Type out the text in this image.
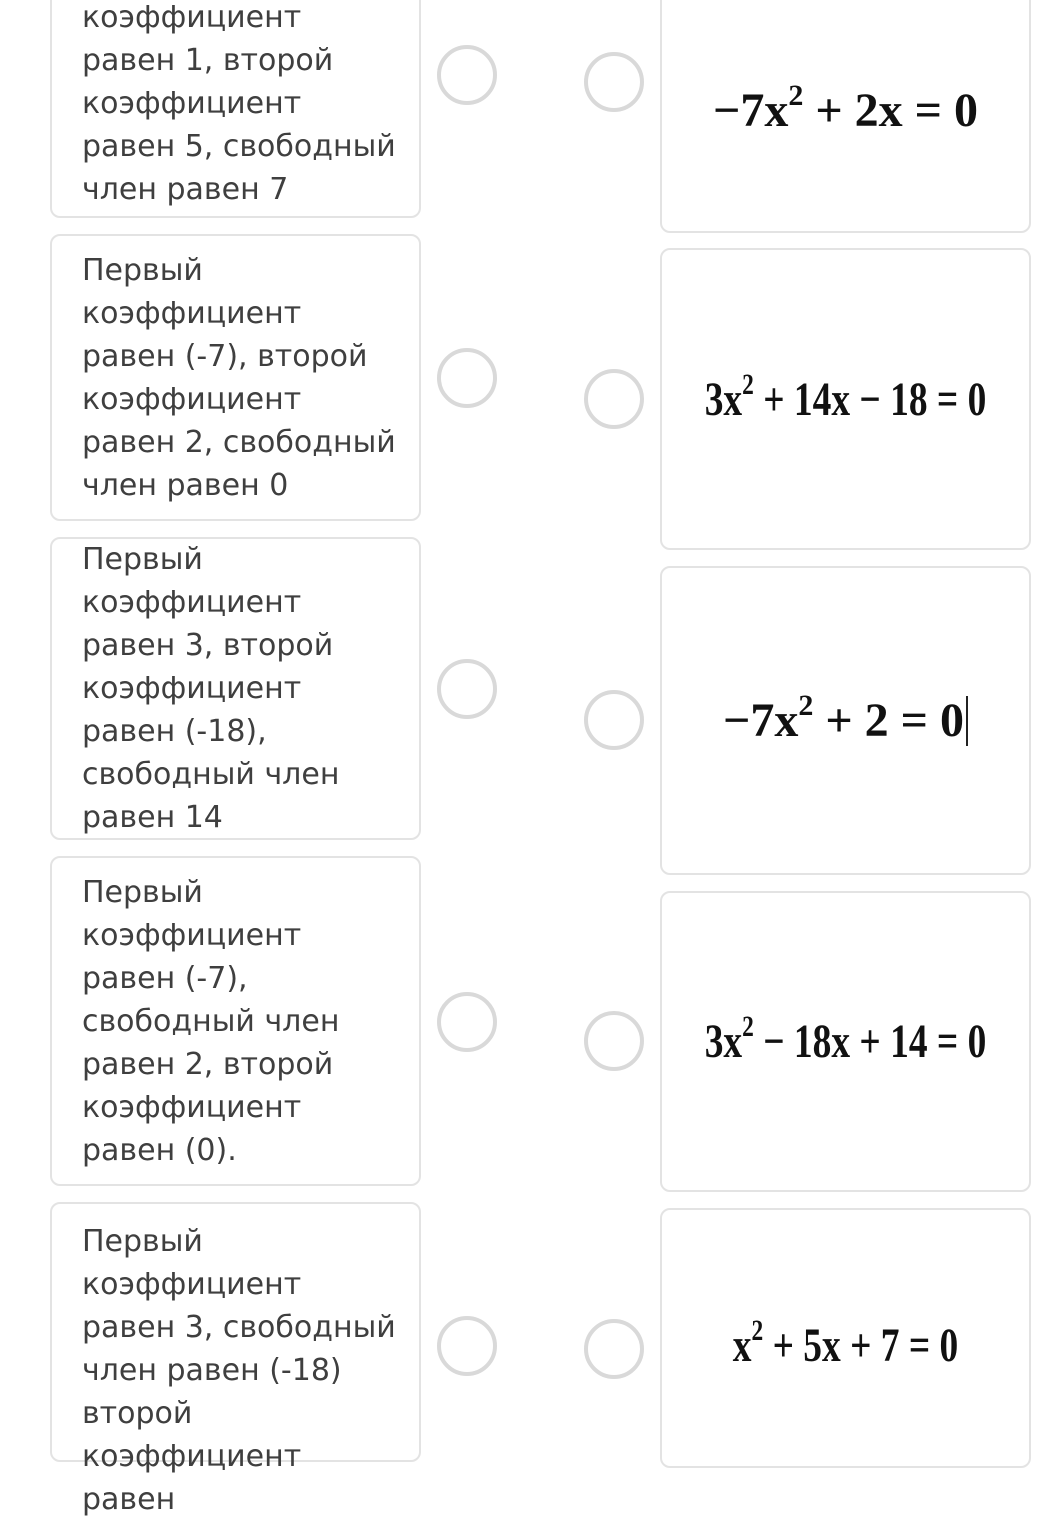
коэффициент равен 1, второй коэффициент равен 5, свободный член равен 7

Первый коэффициент равен (-7), второй коэффициент равен 2, свободный член равен 0

Первый коэффициент равен 3, второй коэффициент равен (-18), свободный член равен 14

Первый коэффициент равен (-7), свободный член равен 2, второй коэффициент равен (0).

Первый коэффициент равен 3, свободный член равен (-18) второй коэффициент равен

$-7x^2 + 2x = 0$
$3x^2 + 14x - 18 = 0$
$-7x^2 + 2 = 0$
$3x^2 - 18x + 14 = 0$
$x^2 + 5x + 7 = 0$
